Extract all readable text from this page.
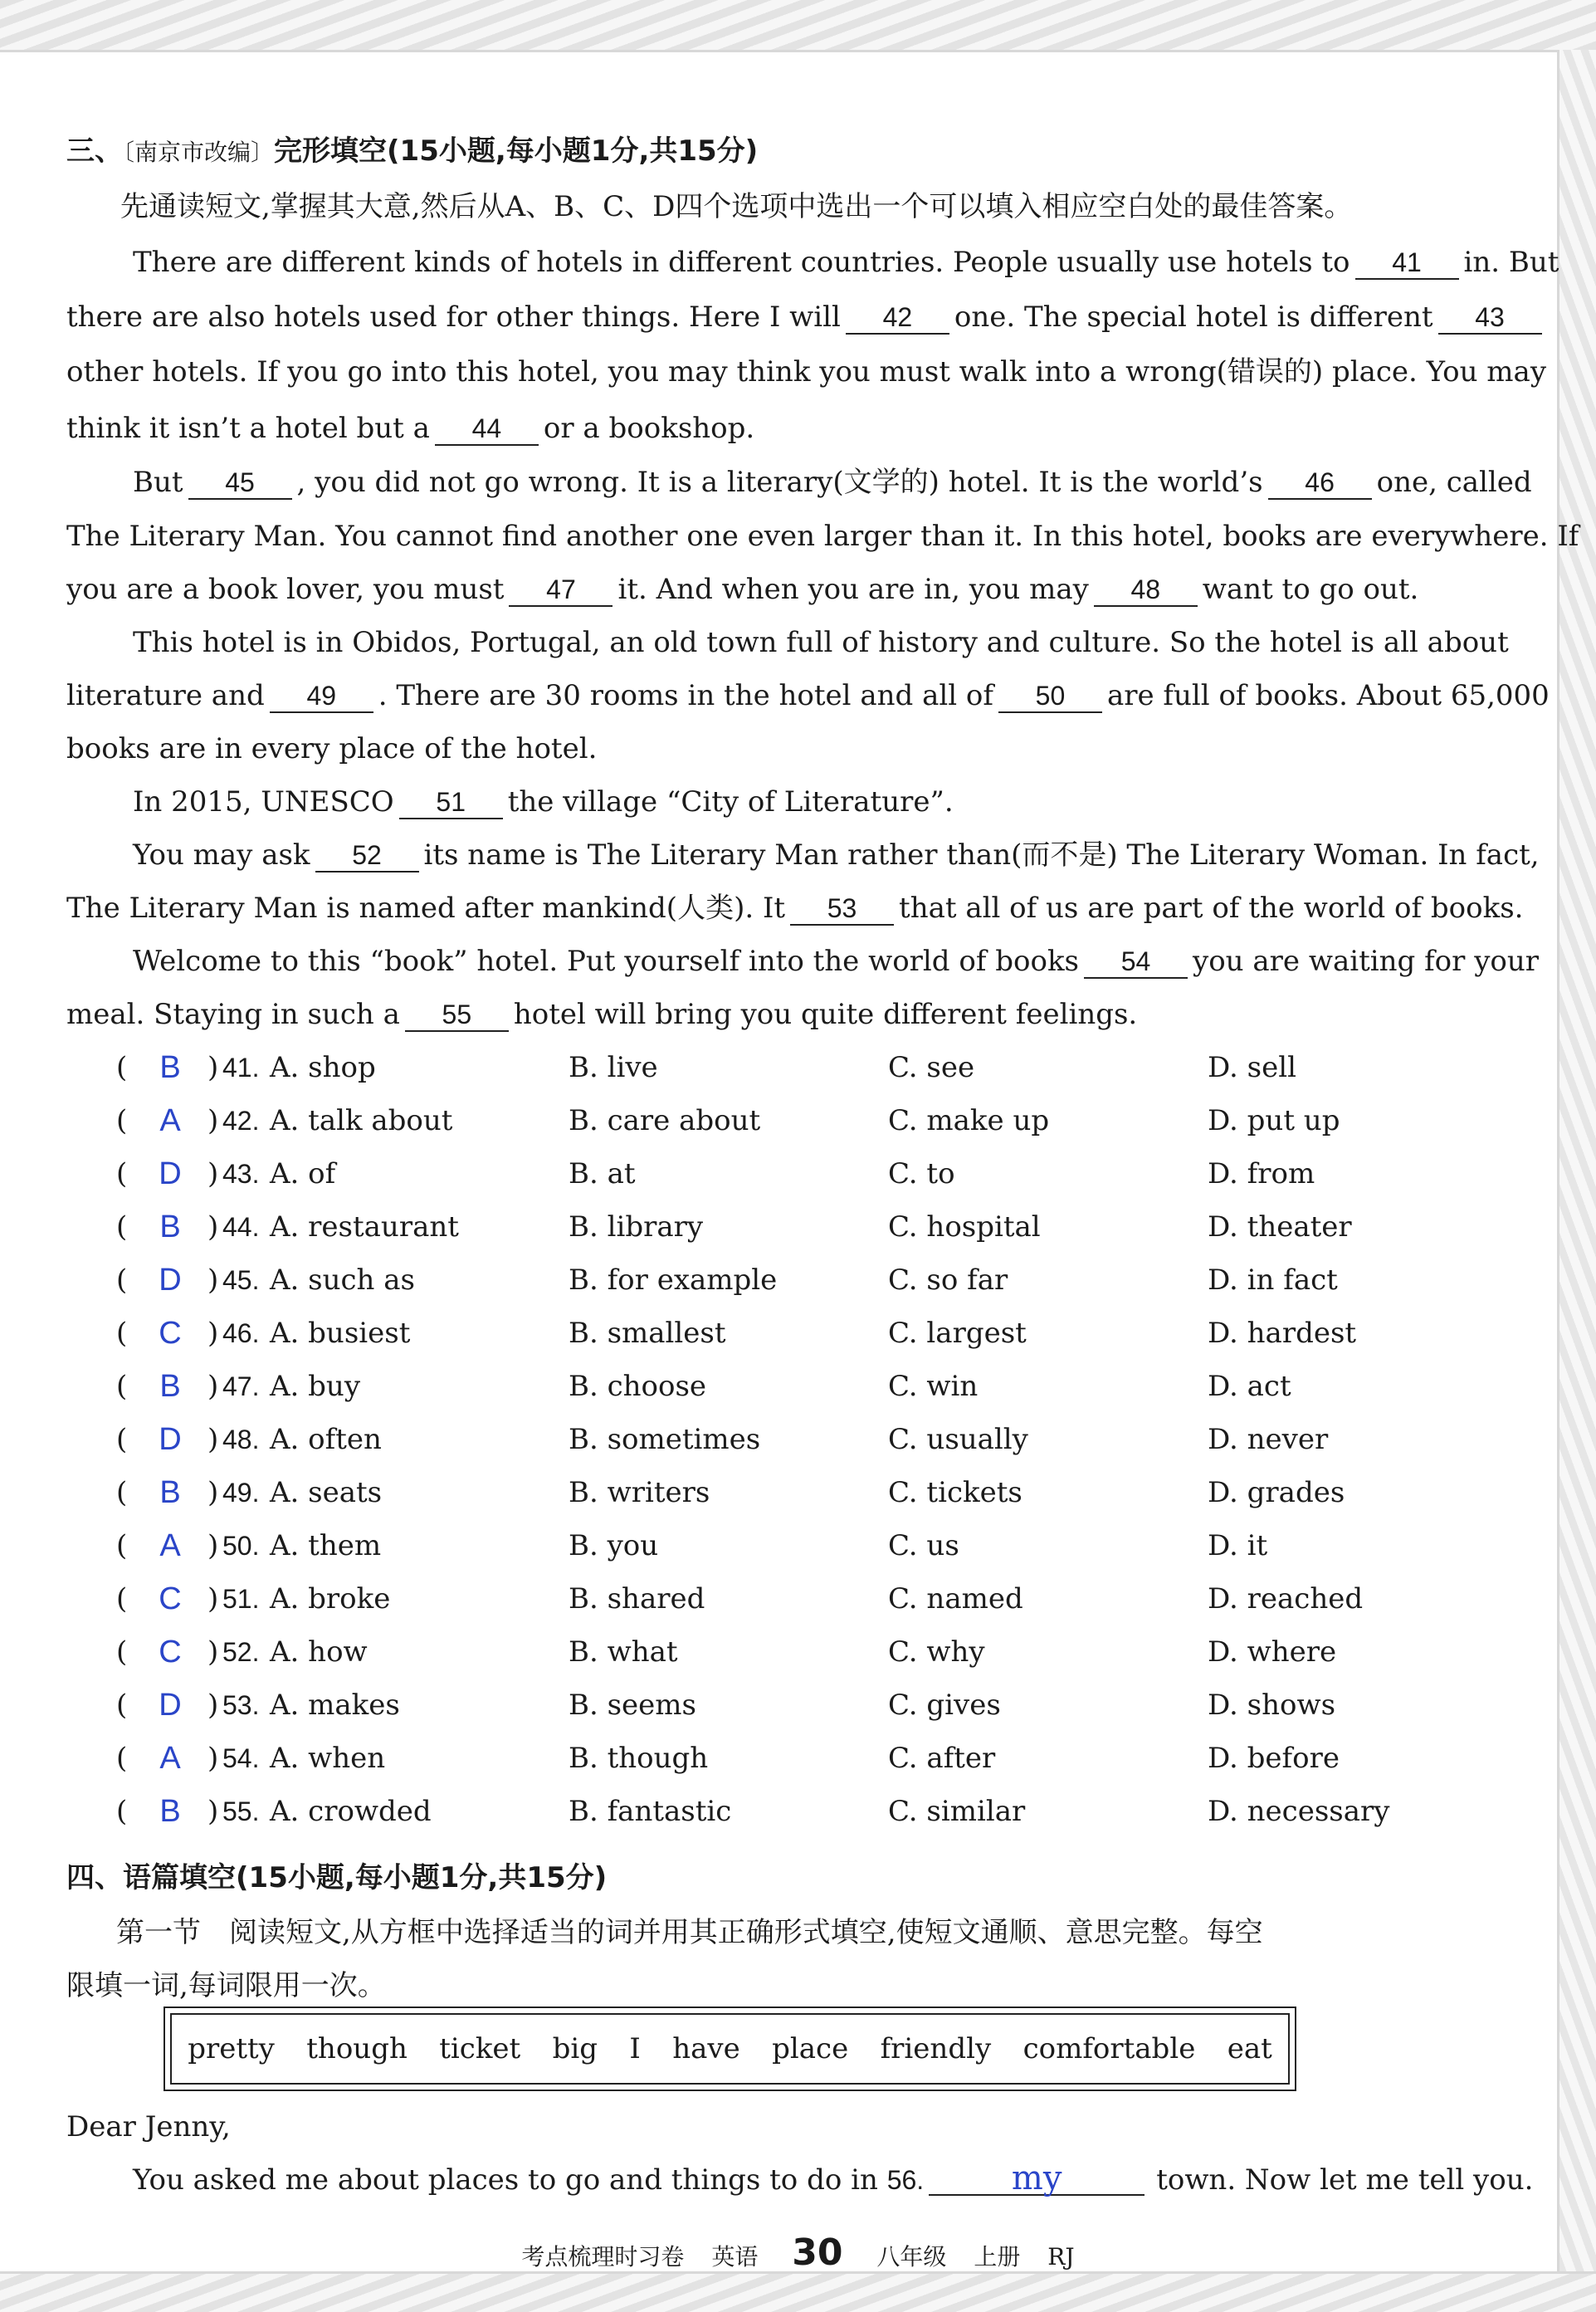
三、〔南京市改编〕完形填空(15小题,每小题1分,共15分)
先通读短文,掌握其大意,然后从A、B、C、D四个选项中选出一个可以填入相应空白处的最佳答案。
There are different kinds of hotels in different countries. People usually use hotels to 41 in. But
there are also hotels used for other things. Here I will 42 one. The special hotel is different 43
other hotels. If you go into this hotel, you may think you must walk into a wrong(错误的) place. You may
think it isn’t a hotel but a 44 or a bookshop.
But 45 , you did not go wrong. It is a literary(文学的) hotel. It is the world’s 46 one, called
The Literary Man. You cannot find another one even larger than it. In this hotel, books are everywhere. If
you are a book lover, you must 47 it. And when you are in, you may 48 want to go out.
This hotel is in Obidos, Portugal, an old town full of history and culture. So the hotel is all about
literature and 49 . There are 30 rooms in the hotel and all of 50 are full of books. About 65,000
books are in every place of the hotel.
In 2015, UNESCO 51 the village “City of Literature”.
You may ask 52 its name is The Literary Man rather than(而不是) The Literary Woman. In fact,
The Literary Man is named after mankind(人类). It 53 that all of us are part of the world of books.
Welcome to this “book” hotel. Put yourself into the world of books 54 you are waiting for your
meal. Staying in such a 55 hotel will bring you quite different feelings.
(	B ) 41. A. shop	B. live	C. see	D. sell
(	A ) 42. A. talk about	B. care about	C. make up	D. put up
( D ) 43. A. of	B. at	C. to	D. from
(	B ) 44. A. restaurant	B. library	C. hospital	D. theater
( D ) 45. A. such as	B. for example	C. so far	D. in fact
( C ) 46. A. busiest	B. smallest	C. largest	D. hardest
(	B ) 47. A. buy	B. choose	C. win	D. act
( D ) 48. A. often	B. sometimes	C. usually	D. never
(	B ) 49. A. seats	B. writers	C. tickets	D. grades
(	A ) 50. A. them	B. you	C. us	D. it
( C ) 51. A. broke	B. shared	C. named	D. reached
( C ) 52. A. how	B. what	C. why	D. where
( D ) 53. A. makes	B. seems	C. gives	D. shows
(	A ) 54. A. when	B. though	C. after	D. before
(	B ) 55. A. crowded	B. fantastic	C. similar	D. necessary
四、语篇填空(15小题,每小题1分,共15分)
第一节　阅读短文,从方框中选择适当的词并用其正确形式填空,使短文通顺、意思完整。每空
限填一词,每词限用一次。
pretty though ticket big I have place friendly comfortable eat
Dear Jenny,
You asked me about places to go and things to do in 56.	my	town. Now let me tell you.
考点梳理时习卷 英语 30 八年级 上册 RJ
